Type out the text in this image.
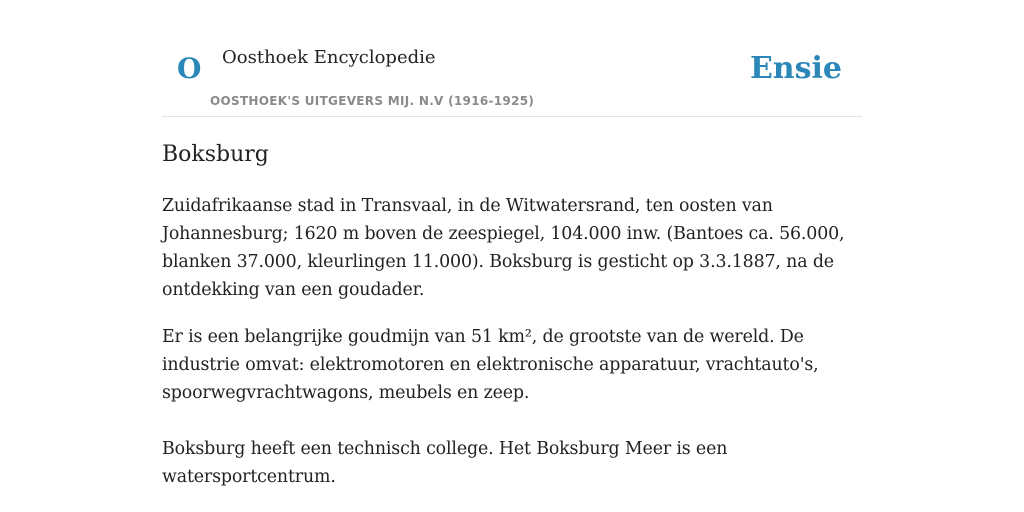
O Oosthoek Encyclopedie
OOSTHOEK'S UITGEVERS MIJ. N.V (1916-1925)
Ensie
Boksburg

Zuidafrikaanse stad in Transvaal, in de Witwatersrand, ten oosten van Johannesburg; 1620 m boven de zeespiegel, 104.000 inw. (Bantoes ca. 56.000, blanken 37.000, kleurlingen 11.000). Boksburg is gesticht op 3.3.1887, na de ontdekking van een goudader.

Er is een belangrijke goudmijn van 51 km², de grootste van de wereld. De industrie omvat: elektromotoren en elektronische apparatuur, vrachtauto's, spoorwegvrachtwagons, meubels en zeep.

Boksburg heeft een technisch college. Het Boksburg Meer is een watersportcentrum.
